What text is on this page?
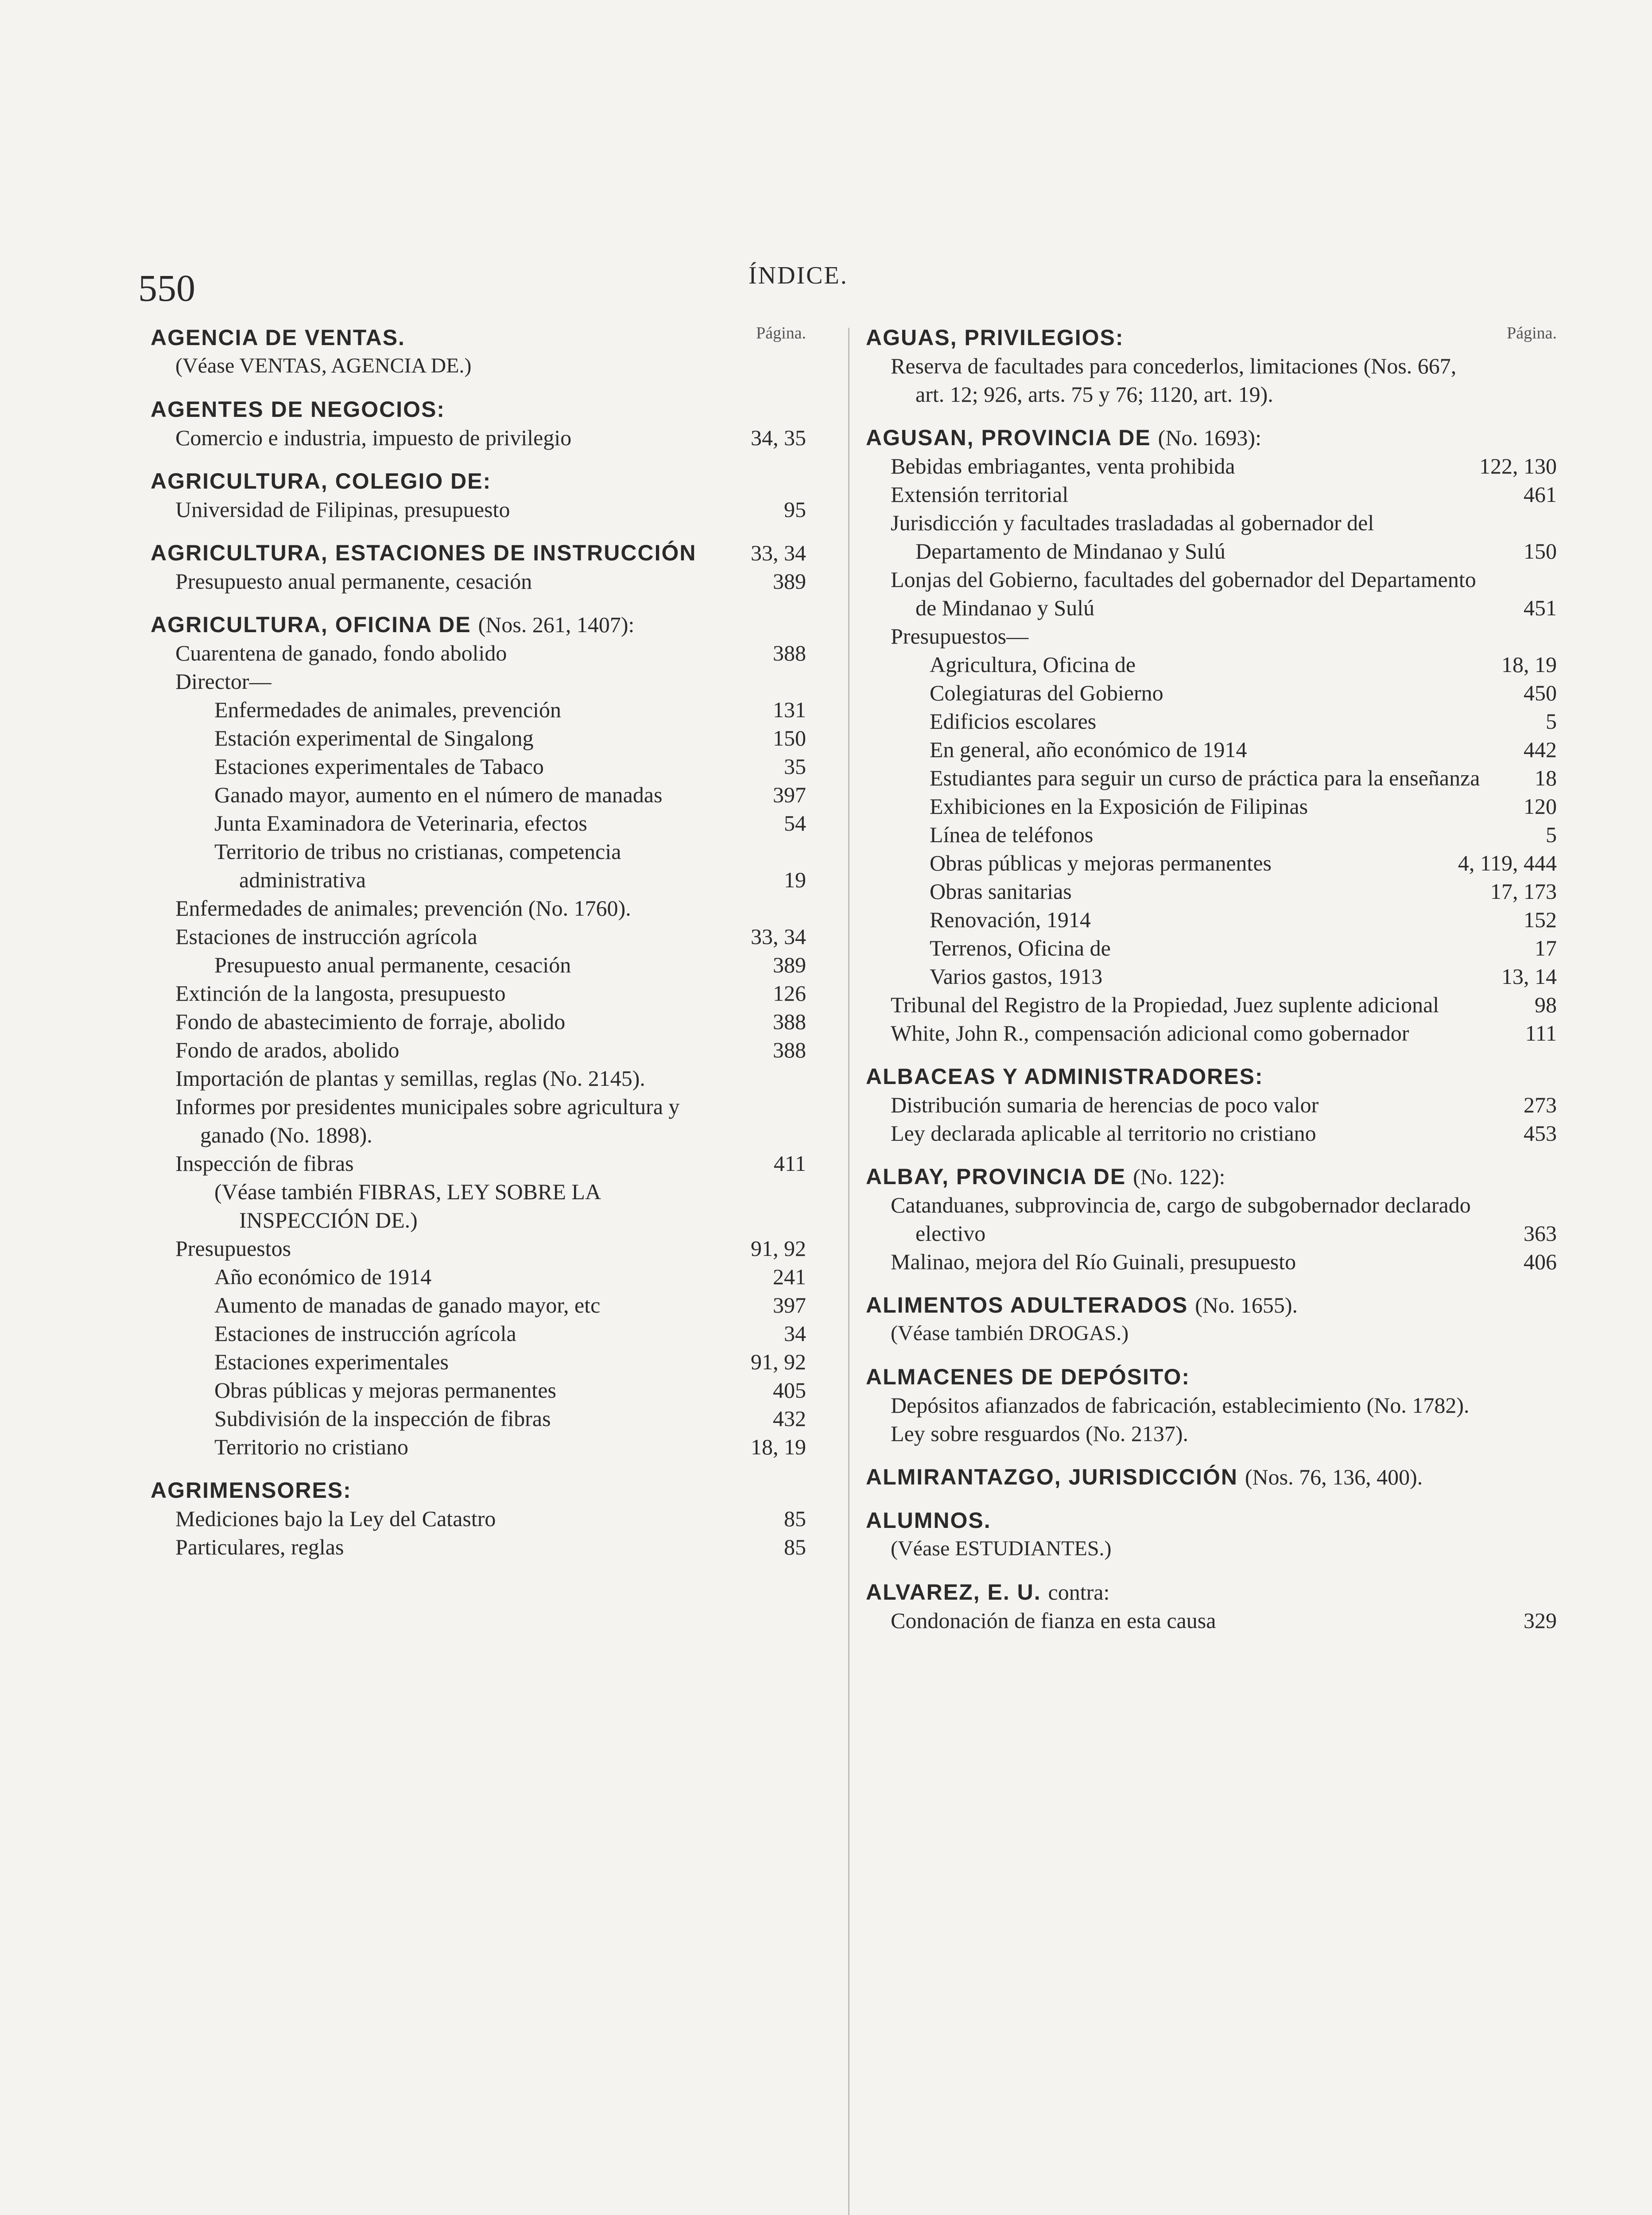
550	ÍNDICE.
Página.
AGENCIA DE VENTAS.
(Véase VENTAS, AGENCIA DE.)
AGENTES DE NEGOCIOS:
Comercio e industria, impuesto de privilegio	34, 35
AGRICULTURA, COLEGIO DE:
Universidad de Filipinas, presupuesto	95
AGRICULTURA, ESTACIONES DE INSTRUCCIÓN 33, 34
Presupuesto anual permanente, cesación	389
AGRICULTURA, OFICINA DE (Nos. 261, 1407):
Cuarentena de ganado, fondo abolido	388
Director—
Enfermedades de animales, prevención	131
Estación experimental de Singalong	150
Estaciones experimentales de Tabaco	35
Ganado mayor, aumento en el número de manadas	397
Junta Examinadora de Veterinaria, efectos	54
Territorio de tribus no cristianas, competencia administrativa	19
Enfermedades de animales; prevención (No. 1760).
Estaciones de instrucción agrícola	33, 34
Presupuesto anual permanente, cesación	389
Extinción de la langosta, presupuesto	126
Fondo de abastecimiento de forraje, abolido	388
Fondo de arados, abolido	388
Importación de plantas y semillas, reglas (No. 2145).
Informes por presidentes municipales sobre agricultura y ganado (No. 1898).
Inspección de fibras	411
(Véase también FIBRAS, LEY SOBRE LA INSPECCIÓN DE.)
Presupuestos	91, 92
Año económico de 1914	241
Aumento de manadas de ganado mayor, etc	397
Estaciones de instrucción agrícola	34
Estaciones experimentales	91, 92
Obras públicas y mejoras permanentes	405
Subdivisión de la inspección de fibras	432
Territorio no cristiano	18, 19
AGRIMENSORES:
Mediciones bajo la Ley del Catastro	85
Particulares, reglas	85
Página.
AGUAS, PRIVILEGIOS:
Reserva de facultades para concederlos, limitaciones (Nos. 667, art. 12; 926, arts. 75 y 76; 1120, art. 19).
AGUSAN, PROVINCIA DE (No. 1693):
Bebidas embriagantes, venta prohibida	122, 130
Extensión territorial	461
Jurisdicción y facultades trasladadas al gobernador del Departamento de Mindanao y Sulú	150
Lonjas del Gobierno, facultades del gobernador del Departamento de Mindanao y Sulú	451
Presupuestos—
Agricultura, Oficina de	18, 19
Colegiaturas del Gobierno	450
Edificios escolares	5
En general, año económico de 1914	442
Estudiantes para seguir un curso de práctica para la enseñanza 18
Exhibiciones en la Exposición de Filipinas	120
Línea de teléfonos	5
Obras públicas y mejoras permanentes	4, 119, 444
Obras sanitarias	17, 173
Renovación, 1914	152
Terrenos, Oficina de	17
Varios gastos, 1913	13, 14
Tribunal del Registro de la Propiedad, Juez suplente adicional	98
White, John R., compensación adicional como gobernador	111
ALBACEAS Y ADMINISTRADORES:
Distribución sumaria de herencias de poco valor	273
Ley declarada aplicable al territorio no cristiano	453
ALBAY, PROVINCIA DE (No. 122):
Catanduanes, subprovincia de, cargo de subgobernador declarado electivo	363
Malinao, mejora del Río Guinali, presupuesto	406
ALIMENTOS ADULTERADOS (No. 1655).
(Véase también DROGAS.)
ALMACENES DE DEPÓSITO:
Depósitos afianzados de fabricación, establecimiento (No. 1782).
Ley sobre resguardos (No. 2137).
ALMIRANTAZGO, JURISDICCIÓN (Nos. 76, 136, 400).
ALUMNOS.
(Véase ESTUDIANTES.)
ALVAREZ, E. U. contra:
Condonación de fianza en esta causa	329
